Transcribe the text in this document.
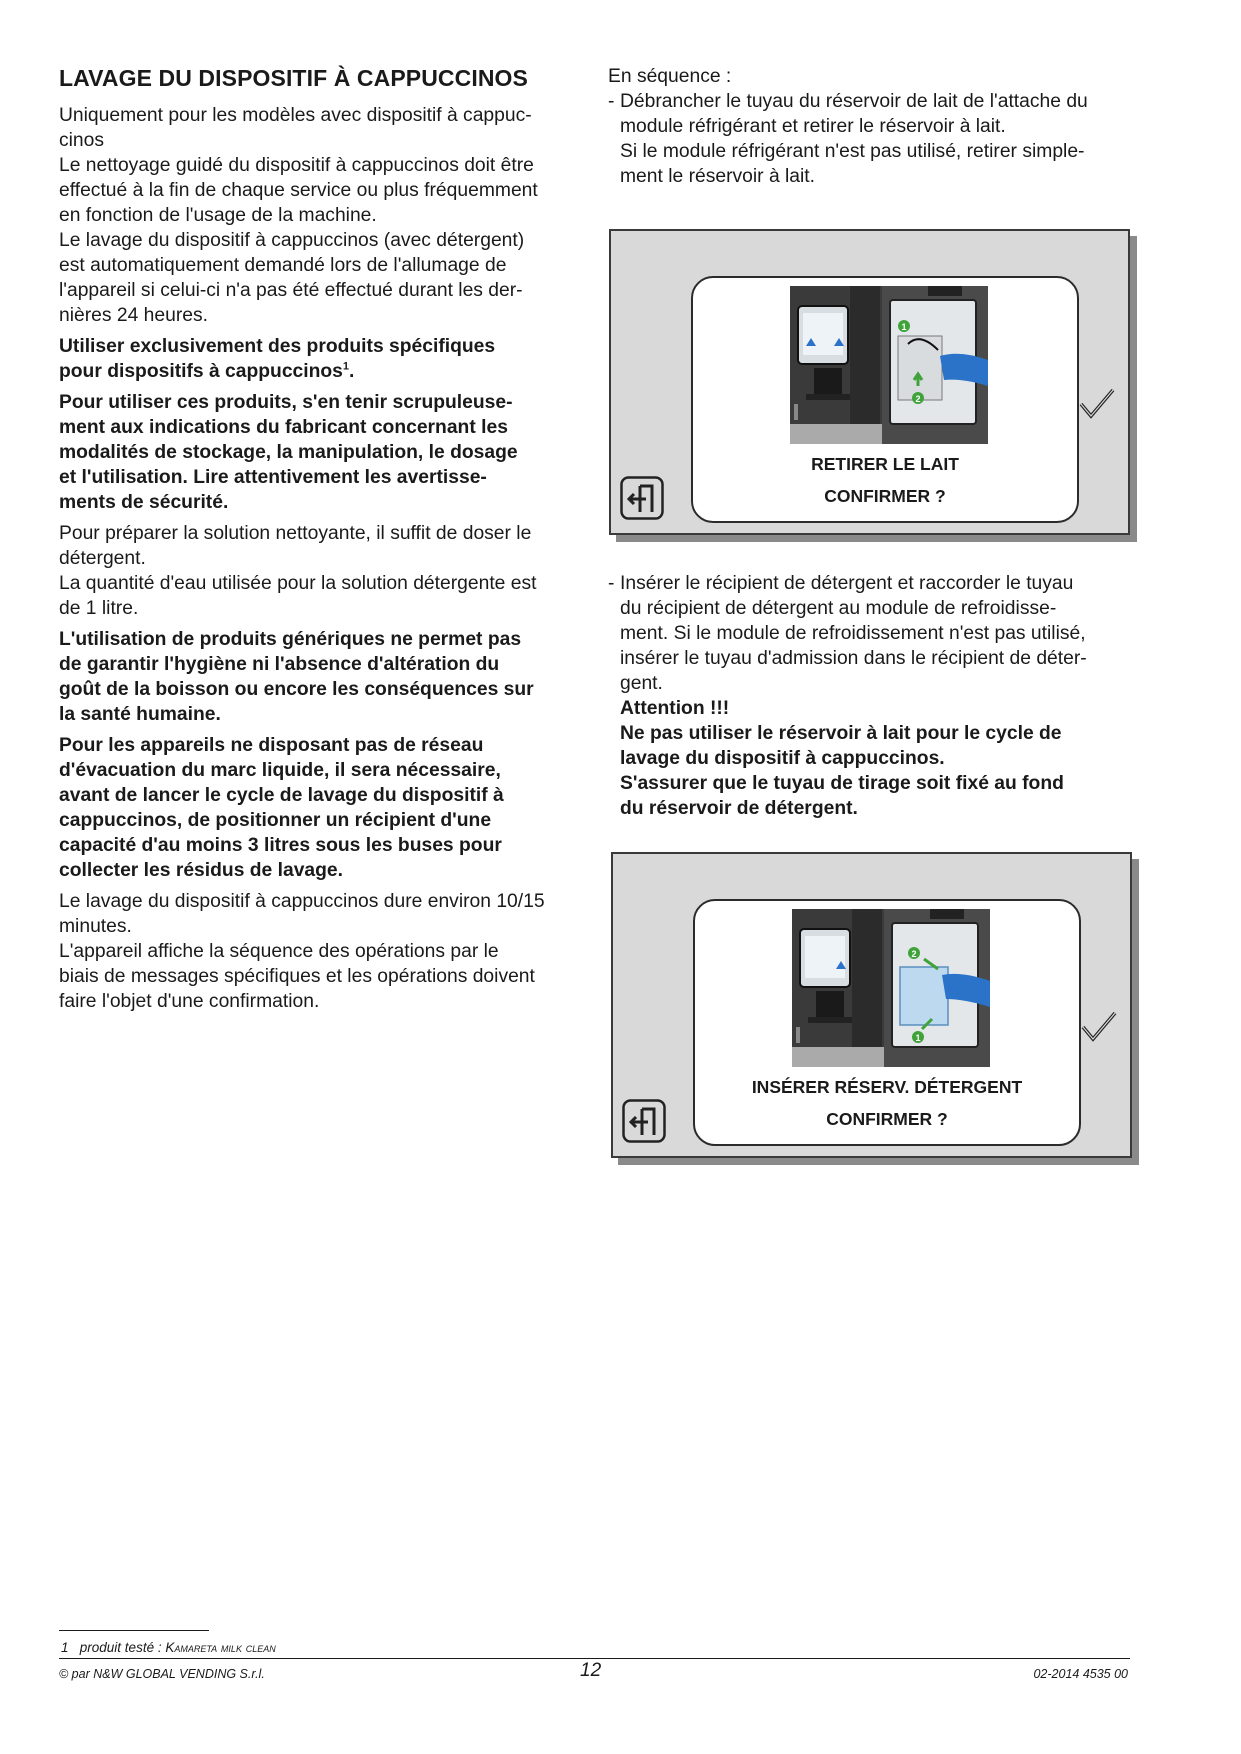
LAVAGE DU DISPOSITIF À CAPPUCCINOS

Uniquement pour les modèles avec dispositif à cappuc-
cinos

Le nettoyage guidé du dispositif à cappuccinos doit être
effectué à la fin de chaque service ou plus fréquemment
en fonction de l'usage de la machine.

Le lavage du dispositif à cappuccinos (avec détergent)
est automatiquement demandé lors de l'allumage de
l'appareil si celui-ci n'a pas été effectué durant les der-
nières 24 heures.

Utiliser exclusivement des produits spécifiques
pour dispositifs à cappuccinos$^1$.

Pour utiliser ces produits, s'en tenir scrupuleuse-
ment aux indications du fabricant concernant les
modalités de stockage, la manipulation, le dosage
et l'utilisation. Lire attentivement les avertisse-
ments de sécurité.

Pour préparer la solution nettoyante, il suffit de doser le
détergent.

La quantité d'eau utilisée pour la solution détergente est
de 1 litre.

L'utilisation de produits génériques ne permet pas
de garantir l'hygiène ni l'absence d'altération du
goût de la boisson ou encore les conséquences sur
la santé humaine.

Pour les appareils ne disposant pas de réseau
d'évacuation du marc liquide, il sera nécessaire,
avant de lancer le cycle de lavage du dispositif à
cappuccinos, de positionner un récipient d'une
capacité d'au moins 3 litres sous les buses pour
collecter les résidus de lavage.

Le lavage du dispositif à cappuccinos dure environ 10/15
minutes.

L'appareil affiche la séquence des opérations par le
biais de messages spécifiques et les opérations doivent
faire l'objet d'une confirmation.

En séquence :

- Débrancher le tuyau du réservoir de lait de l'attache du
module réfrigérant et retirer le réservoir à lait.
Si le module réfrigérant n'est pas utilisé, retirer simple-
ment le réservoir à lait.
- Insérer le récipient de détergent et raccorder le tuyau
du récipient de détergent au module de refroidisse-
ment. Si le module de refroidissement n'est pas utilisé,
insérer le tuyau d'admission dans le récipient de déter-
gent.
Attention !!!
Ne pas utiliser le réservoir à lait pour le cycle de
lavage du dispositif à cappuccinos.
S'assurer que le tuyau de tirage soit fixé au fond
du réservoir de détergent.
1
2
RETIRER LE LAIT
CONFIRMER ?
2
1
INSÉRER RÉSERV. DÉTERGENT
CONFIRMER ?
1 produit testé : Kamareta milk clean
© par N&W GLOBAL VENDING S.r.l.	12	02-2014 4535 00
